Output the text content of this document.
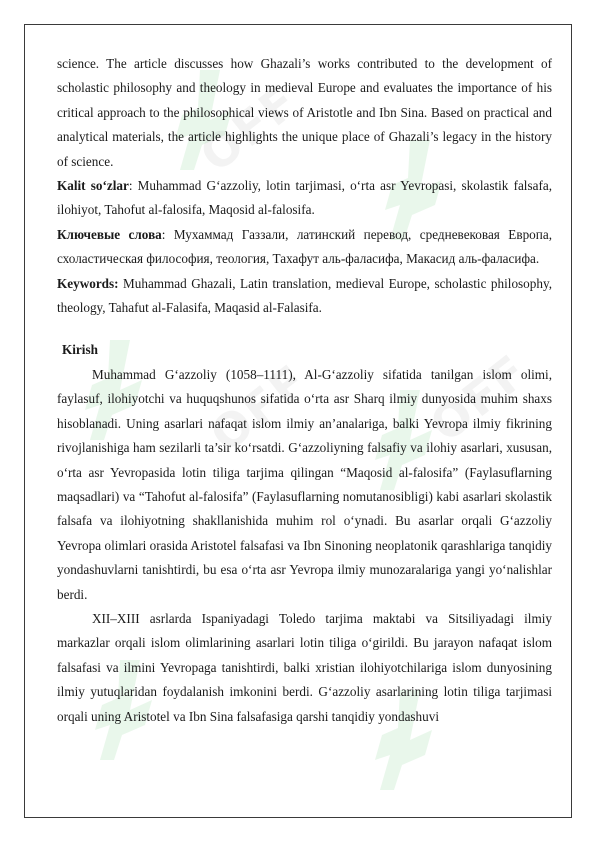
OFF OFF
OFF

science. The article discusses how Ghazali’s works contributed to the development of scholastic philosophy and theology in medieval Europe and evaluates the importance of his critical approach to the philosophical views of Aristotle and Ibn Sina. Based on practical and analytical materials, the article highlights the unique place of Ghazali’s legacy in the history of science.

Kalit so‘zlar: Muhammad G‘azzoliy, lotin tarjimasi, o‘rta asr Yevropasi, skolastik falsafa, ilohiyot, Tahofut al-falosifa, Maqosid al-falosifa.

Ключевые слова: Мухаммад Газзали, латинский перевод, средневековая Европа, схоластическая философия, теология, Тахафут аль-фаласифа, Макасид аль-фаласифа.

Keywords: Muhammad Ghazali, Latin translation, medieval Europe, scholastic philosophy, theology, Tahafut al-Falasifa, Maqasid al-Falasifa.

Kirish

Muhammad G‘azzoliy (1058–1111), Al-G‘azzoliy sifatida tanilgan islom olimi, faylasuf, ilohiyotchi va huquqshunos sifatida o‘rta asr Sharq ilmiy dunyosida muhim shaxs hisoblanadi. Uning asarlari nafaqat islom ilmiy an’analariga, balki Yevropa ilmiy fikrining rivojlanishiga ham sezilarli ta’sir ko‘rsatdi. G‘azzoliyning falsafiy va ilohiy asarlari, xususan, o‘rta asr Yevropasida lotin tiliga tarjima qilingan “Maqosid al-falosifa” (Faylasuflarning maqsadlari) va “Tahofut al-falosifa” (Faylasuflarning nomutanosibligi) kabi asarlari skolastik falsafa va ilohiyotning shakllanishida muhim rol o‘ynadi. Bu asarlar orqali G‘azzoliy Yevropa olimlari orasida Aristotel falsafasi va Ibn Sinoning neoplatonik qarashlariga tanqidiy yondashuvlarni tanishtirdi, bu esa o‘rta asr Yevropa ilmiy munozaralariga yangi yo‘nalishlar berdi.

XII–XIII asrlarda Ispaniyadagi Toledo tarjima maktabi va Sitsiliyadagi ilmiy markazlar orqali islom olimlarining asarlari lotin tiliga o‘girildi. Bu jarayon nafaqat islom falsafasi va ilmini Yevropaga tanishtirdi, balki xristian ilohiyotchilariga islom dunyosining ilmiy yutuqlaridan foydalanish imkonini berdi. G‘azzoliy asarlarining lotin tiliga tarjimasi orqali uning Aristotel va Ibn Sina falsafasiga qarshi tanqidiy yondashuvi
